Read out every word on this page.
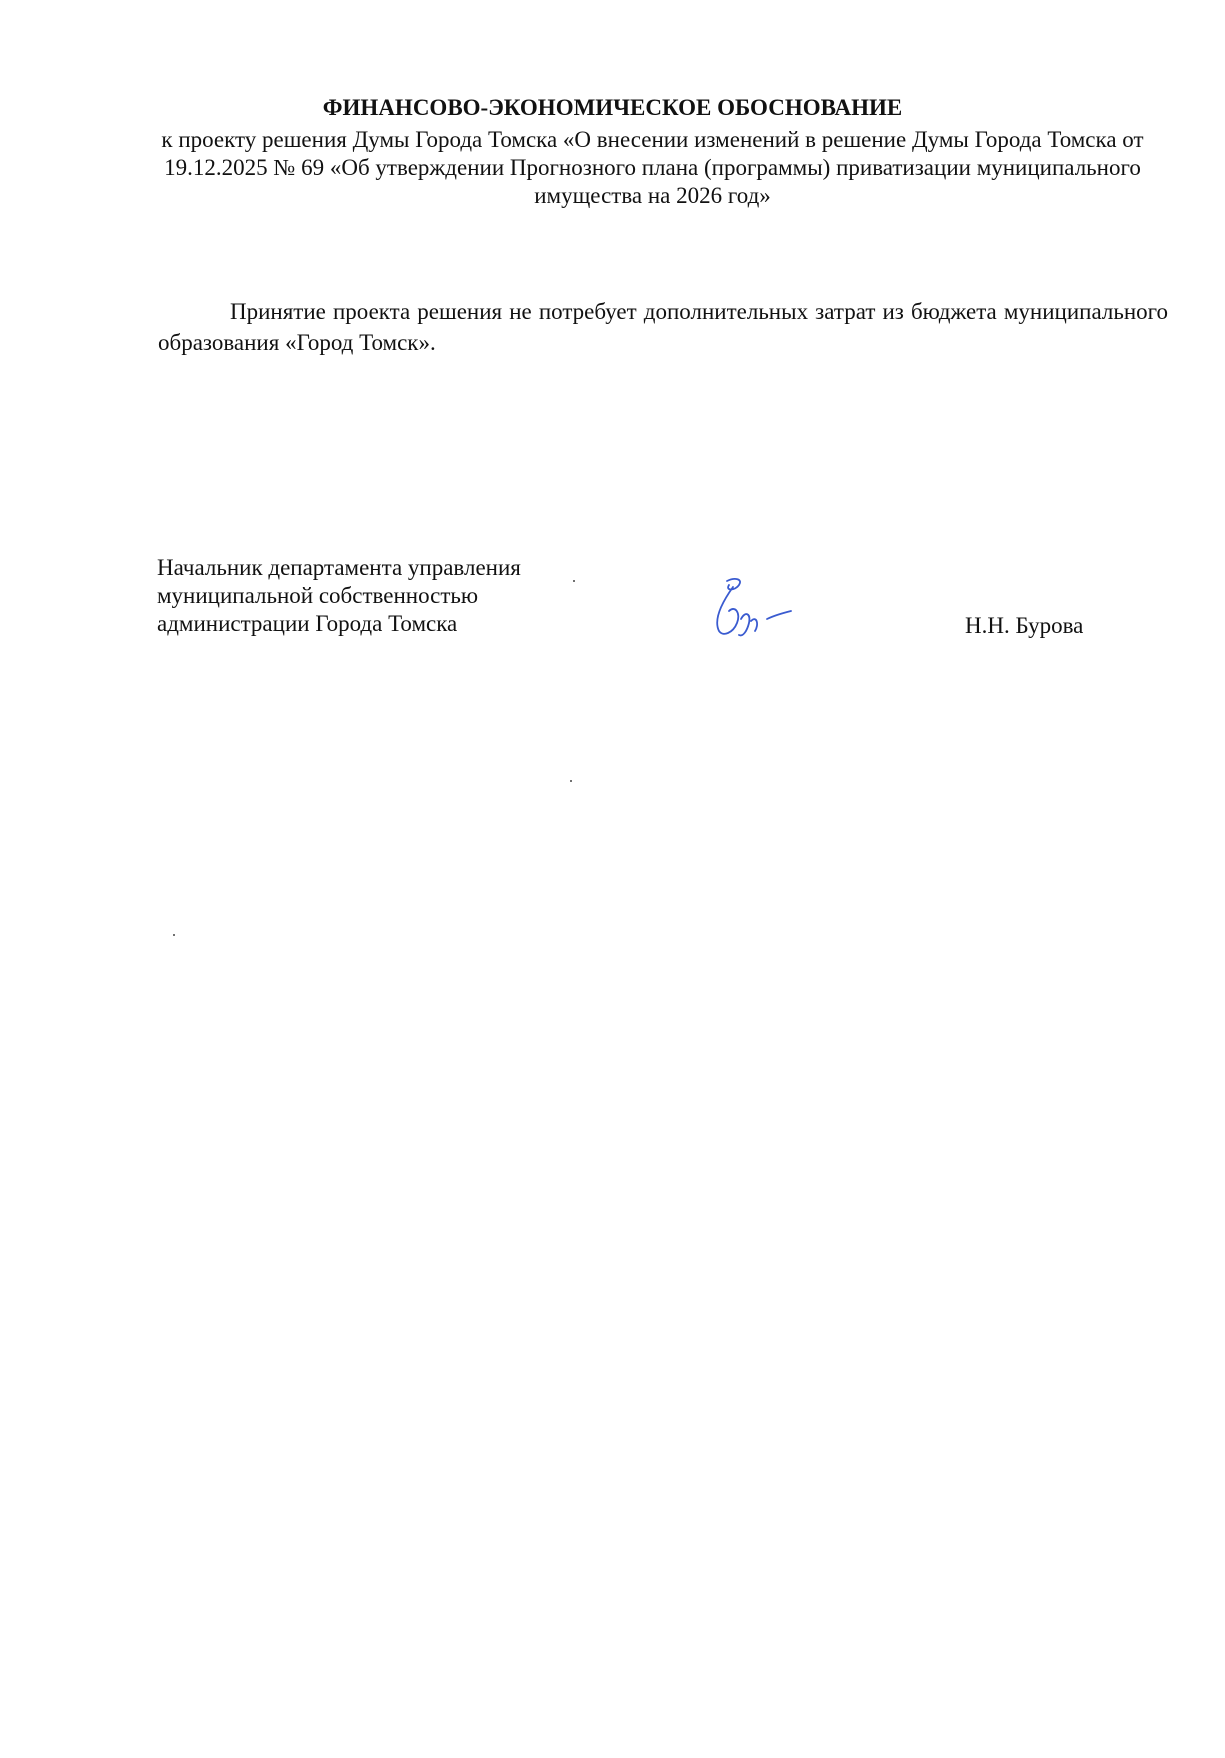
ФИНАНСОВО-ЭКОНОМИЧЕСКОЕ ОБОСНОВАНИЕ
к проекту решения Думы Города Томска «О внесении изменений в решение Думы Города Томска от 19.12.2025 № 69 «Об утверждении Прогнозного плана (программы) приватизации муниципального имущества на 2026 год»
Принятие проекта решения не потребует дополнительных затрат из бюджета муниципального образования «Город Томск».
Начальник департамента управления
муниципальной собственностью
администрации Города Томска	Н.Н. Бурова
